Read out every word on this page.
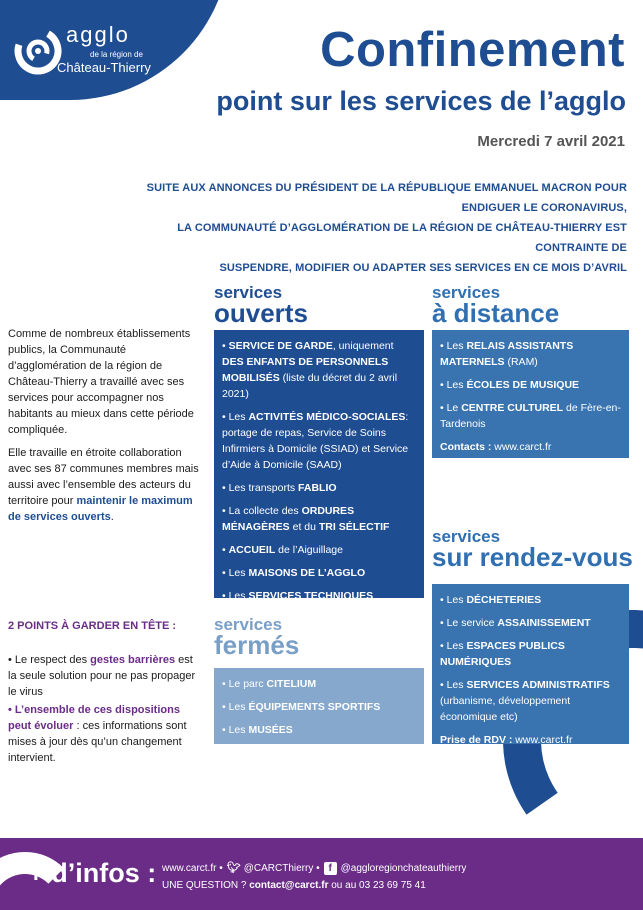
agglo
de la région de
Château-Thierry	Confinement
point sur les services de l’agglo
Mercredi 7 avril 2021
SUITE AUX ANNONCES DU PRÉSIDENT DE LA RÉPUBLIQUE EMMANUEL MACRON POUR ENDIGUER LE CORONAVIRUS,
LA COMMUNAUTÉ D’AGGLOMÉRATION DE LA RÉGION DE CHÂTEAU-THIERRY EST CONTRAINTE DE
SUSPENDRE, MODIFIER OU ADAPTER SES SERVICES EN CE MOIS D’AVRIL

Comme de nombreux établissements publics, la Communauté d’agglomération de la région de Château-Thierry a travaillé avec ses services pour accompagner nos habitants au mieux dans cette période compliquée.

Elle travaille en étroite collaboration avec ses 87 communes membres mais aussi avec l’ensemble des acteurs du territoire pour maintenir le maximum de services ouverts.

2 POINTS À GARDER EN TÊTE :

• Le respect des gestes barrières est la seule solution pour ne pas propager le virus

• L’ensemble de ces dispositions peut évoluer : ces informations sont mises à jour dès qu’un changement intervient.

services
ouverts
• SERVICE DE GARDE, uniquement DES ENFANTS DE PERSONNELS MOBILISÉS (liste du décret du 2 avril 2021)
• Les ACTIVITÉS MÉDICO-SOCIALES: portage de repas, Service de Soins Infirmiers à Domicile (SSIAD) et Service d’Aide à Domicile (SAAD)
• Les transports FABLIO
• La collecte des ORDURES MÉNAGÈRES et du TRI SÉLECTIF
• ACCUEIL de l’Aiguillage
• Les MAISONS DE L’AGGLO
• Les SERVICES TECHNIQUES
services
fermés
• Le parc CITELIUM
• Les ÉQUIPEMENTS SPORTIFS
• Les MUSÉES
services
à distance
• Les RELAIS ASSISTANTS MATERNELS (RAM)
• Les ÉCOLES DE MUSIQUE
• Le CENTRE CULTUREL de Fère-en-Tardenois
Contacts : www.carct.fr
services
sur rendez-vous
• Les DÉCHETERIES
• Le service ASSAINISSEMENT
• Les ESPACES PUBLICS NUMÉRIQUES
• Les SERVICES ADMINISTRATIFS (urbanisme, développement économique etc)
Prise de RDV : www.carct.fr
+ d’infos : www.carct.fr • 🐦︎ @CARCThierry • f @aggloregionchateauthierry
UNE QUESTION ? contact@carct.fr ou au 03 23 69 75 41
